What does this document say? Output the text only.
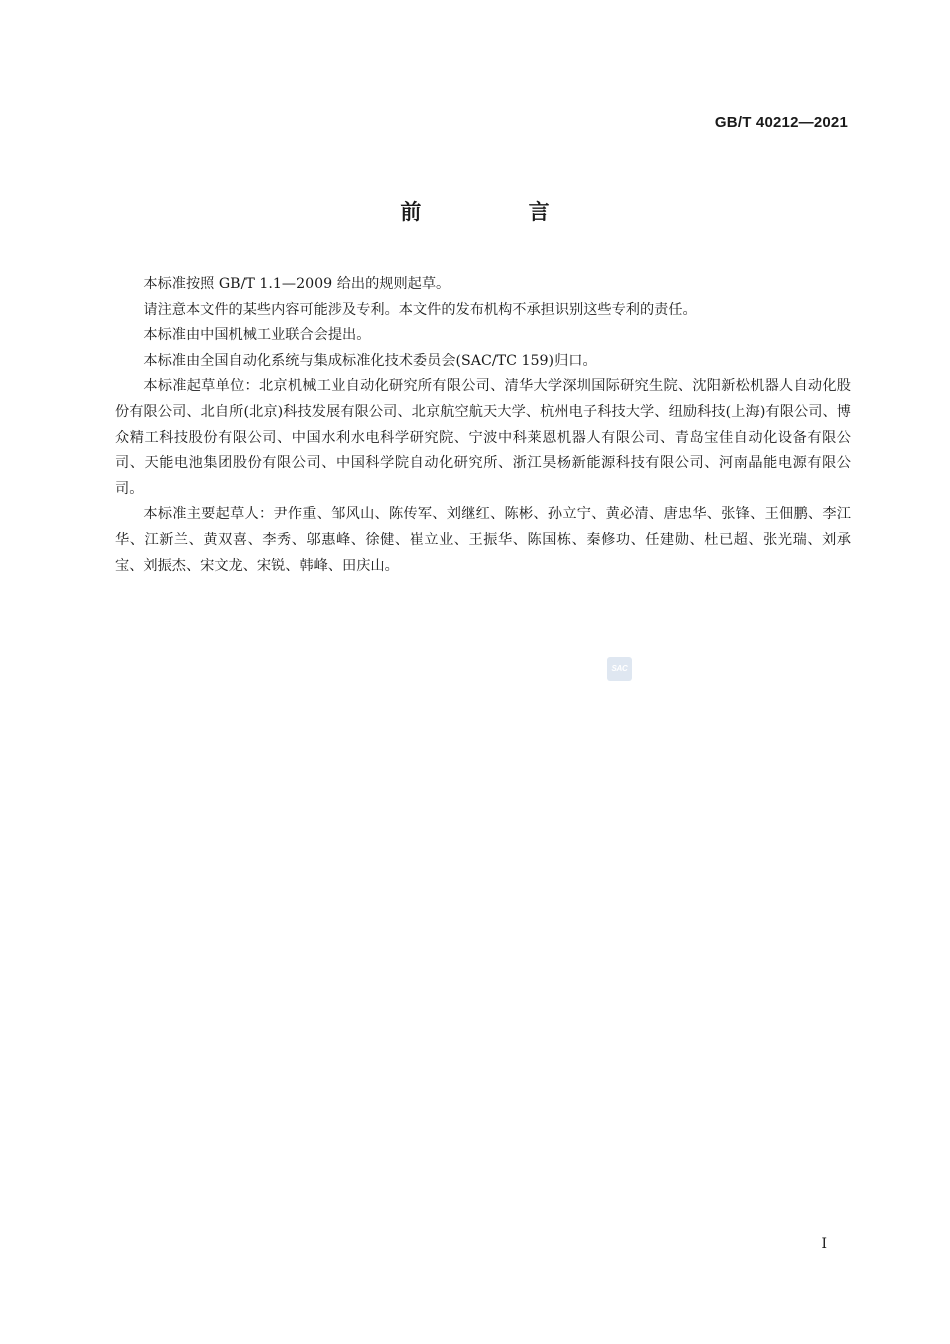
GB/T 40212—2021
前 言

本标准按照 GB/T 1.1—2009 给出的规则起草。

请注意本文件的某些内容可能涉及专利。本文件的发布机构不承担识别这些专利的责任。

本标准由中国机械工业联合会提出。

本标准由全国自动化系统与集成标准化技术委员会(SAC/TC 159)归口。

本标准起草单位：北京机械工业自动化研究所有限公司、清华大学深圳国际研究生院、沈阳新松机器人自动化股份有限公司、北自所(北京)科技发展有限公司、北京航空航天大学、杭州电子科技大学、纽励科技(上海)有限公司、博众精工科技股份有限公司、中国水利水电科学研究院、宁波中科莱恩机器人有限公司、青岛宝佳自动化设备有限公司、天能电池集团股份有限公司、中国科学院自动化研究所、浙江昊杨新能源科技有限公司、河南晶能电源有限公司。

本标准主要起草人：尹作重、邹风山、陈传军、刘继红、陈彬、孙立宁、黄必清、唐忠华、张锋、王佃鹏、李江华、江新兰、黄双喜、李秀、邬惠峰、徐健、崔立业、王振华、陈国栋、秦修功、任建勋、杜已超、张光瑞、刘承宝、刘振杰、宋文龙、宋锐、韩峰、田庆山。

SAC
I
